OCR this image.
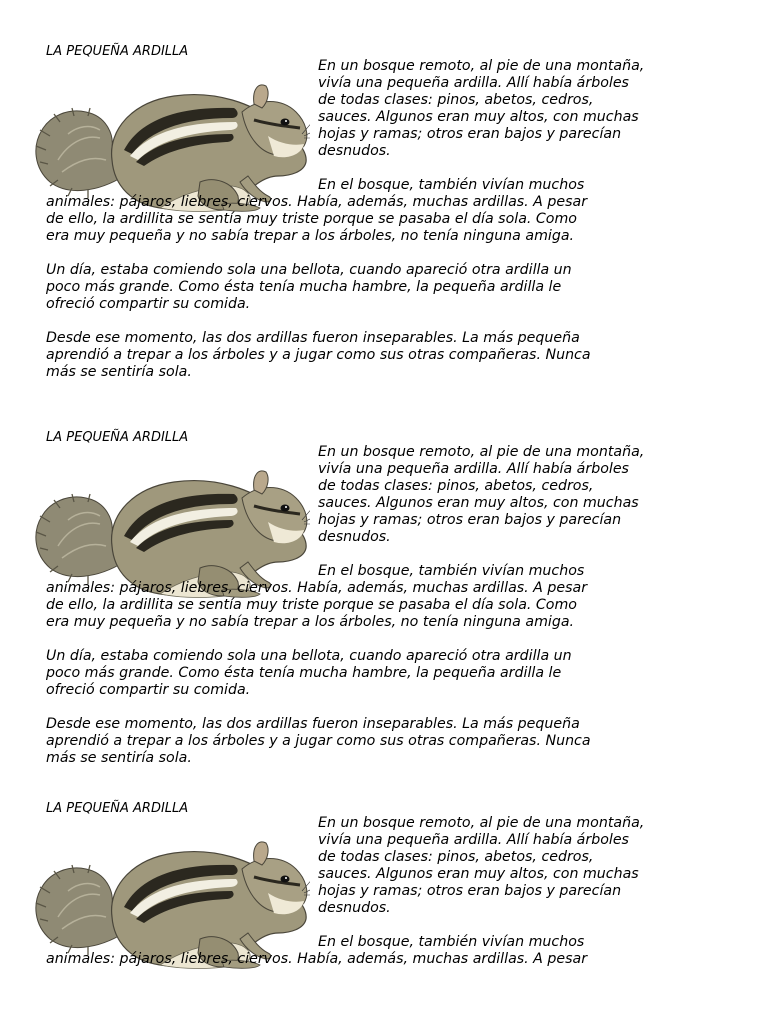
LA PEQUEÑA ARDILLA
En un bosque remoto, al pie de una montaña,
vivía una pequeña ardilla. Allí había árboles
de todas clases: pinos, abetos, cedros,
sauces. Algunos eran muy altos, con muchas
hojas y ramas; otros eran bajos y parecían
desnudos.
En el bosque, también vivían muchos
animales: pájaros, liebres, ciervos. Había, además, muchas ardillas. A pesar
de ello, la ardillita se sentía muy triste porque se pasaba el día sola. Como
era muy pequeña y no sabía trepar a los árboles, no tenía ninguna amiga.
Un día, estaba comiendo sola una bellota, cuando apareció otra ardilla un
poco más grande. Como ésta tenía mucha hambre, la pequeña ardilla le
ofreció compartir su comida.
Desde ese momento, las dos ardillas fueron inseparables. La más pequeña
aprendió a trepar a los árboles y a jugar como sus otras compañeras. Nunca
más se sentiría sola.
LA PEQUEÑA ARDILLA
En un bosque remoto, al pie de una montaña,
vivía una pequeña ardilla. Allí había árboles
de todas clases: pinos, abetos, cedros,
sauces. Algunos eran muy altos, con muchas
hojas y ramas; otros eran bajos y parecían
desnudos.
En el bosque, también vivían muchos
animales: pájaros, liebres, ciervos. Había, además, muchas ardillas. A pesar
de ello, la ardillita se sentía muy triste porque se pasaba el día sola. Como
era muy pequeña y no sabía trepar a los árboles, no tenía ninguna amiga.
Un día, estaba comiendo sola una bellota, cuando apareció otra ardilla un
poco más grande. Como ésta tenía mucha hambre, la pequeña ardilla le
ofreció compartir su comida.
Desde ese momento, las dos ardillas fueron inseparables. La más pequeña
aprendió a trepar a los árboles y a jugar como sus otras compañeras. Nunca
más se sentiría sola.
LA PEQUEÑA ARDILLA
En un bosque remoto, al pie de una montaña,
vivía una pequeña ardilla. Allí había árboles
de todas clases: pinos, abetos, cedros,
sauces. Algunos eran muy altos, con muchas
hojas y ramas; otros eran bajos y parecían
desnudos.
En el bosque, también vivían muchos
animales: pájaros, liebres, ciervos. Había, además, muchas ardillas. A pesar
